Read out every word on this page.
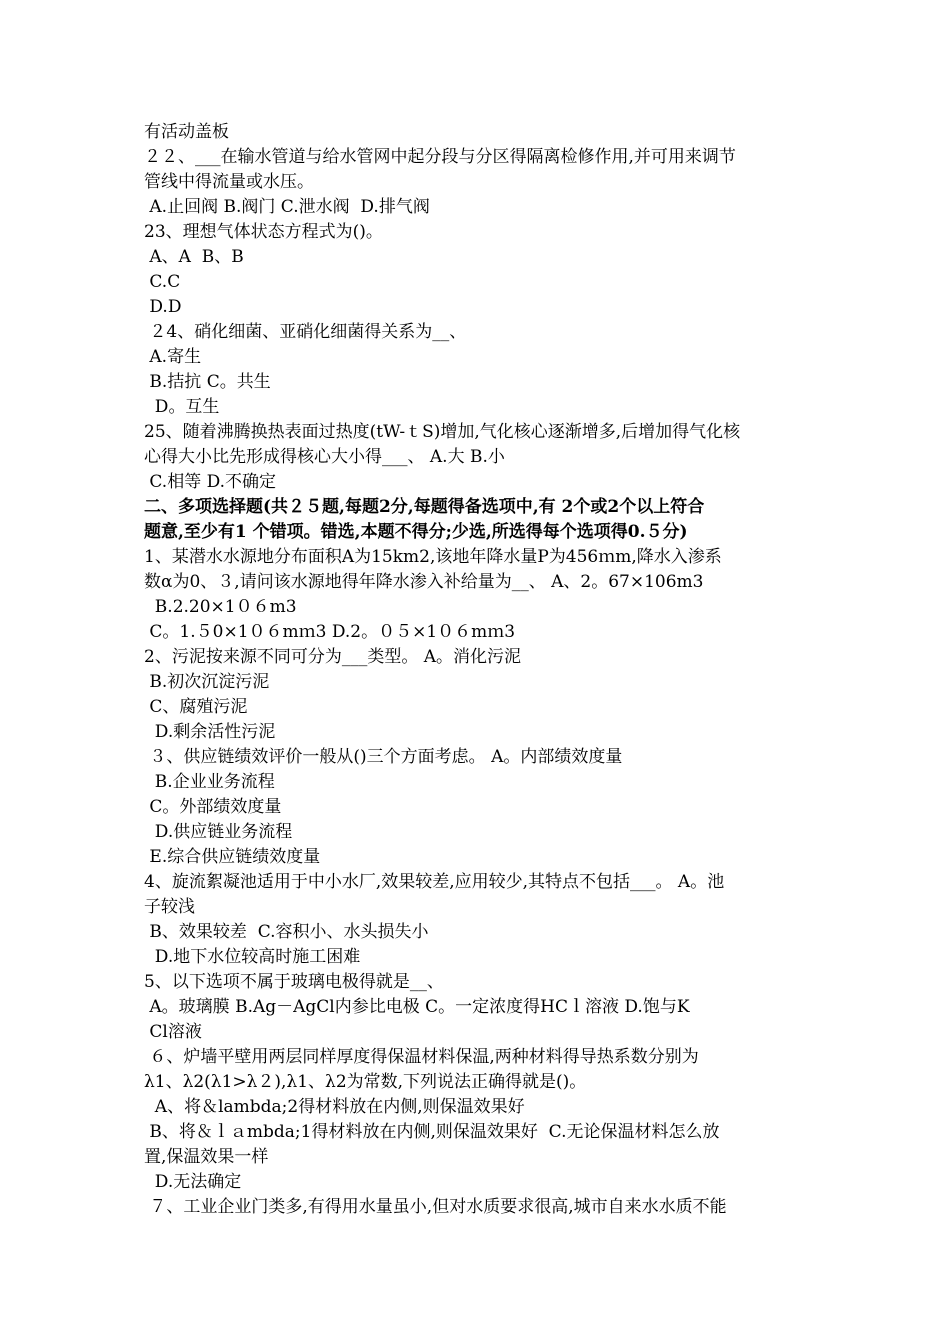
有活动盖板
２２、___在输水管道与给水管网中起分段与分区得隔离检修作用,并可用来调节
管线中得流量或水压。
A.止回阀 B.阀门 C.泄水阀  D.排气阀
23、理想气体状态方程式为()。
A、A  B、B
C.C
D.D
２4、硝化细菌、亚硝化细菌得关系为__、
A.寄生
B.拮抗 C。共生
D。互生
25、随着沸腾换热表面过热度(tW-ｔS)增加,气化核心逐渐增多,后增加得气化核
心得大小比先形成得核心大小得___、 A.大 B.小
C.相等 D.不确定
二、多项选择题(共２５题,每题2分,每题得备选项中,有 2个或2个以上符合
题意,至少有1 个错项。错选,本题不得分;少选,所选得每个选项得0.５分)
1、某潜水水源地分布面积A为15km2,该地年降水量P为456ｍm,降水入渗系
数α为0、３,请问该水源地得年降水渗入补给量为__、 A、2。67×106m3
B.2.20×1０６m3
C。1.５0×1０６mｍ3 D.2。０５×1０６mｍ3
2、污泥按来源不同可分为___类型。 A。消化污泥
B.初次沉淀污泥
C、腐殖污泥
D.剩余活性污泥
３、供应链绩效评价一般从()三个方面考虑。 A。内部绩效度量
B.企业业务流程
C。外部绩效度量
D.供应链业务流程
E.综合供应链绩效度量
4、旋流絮凝池适用于中小水厂,效果较差,应用较少,其特点不包括___。 A。池
子较浅
B、效果较差  C.容积小、水头损失小
D.地下水位较高时施工困难
5、以下选项不属于玻璃电极得就是__、
A。玻璃膜 B.Ag－AgCl内参比电极 C。一定浓度得HCｌ溶液 D.饱与K
Cl溶液
６、炉墙平壁用两层同样厚度得保温材料保温,两种材料得导热系数分别为
λ1、λ2(λ1>λ２),λ1、λ2为常数,下列说法正确得就是()。
A、将＆lambda;2得材料放在内侧,则保温效果好
B、将＆ｌａmbda;1得材料放在内侧,则保温效果好  C.无论保温材料怎么放
置,保温效果一样
D.无法确定
７、工业企业门类多,有得用水量虽小,但对水质要求很高,城市自来水水质不能
